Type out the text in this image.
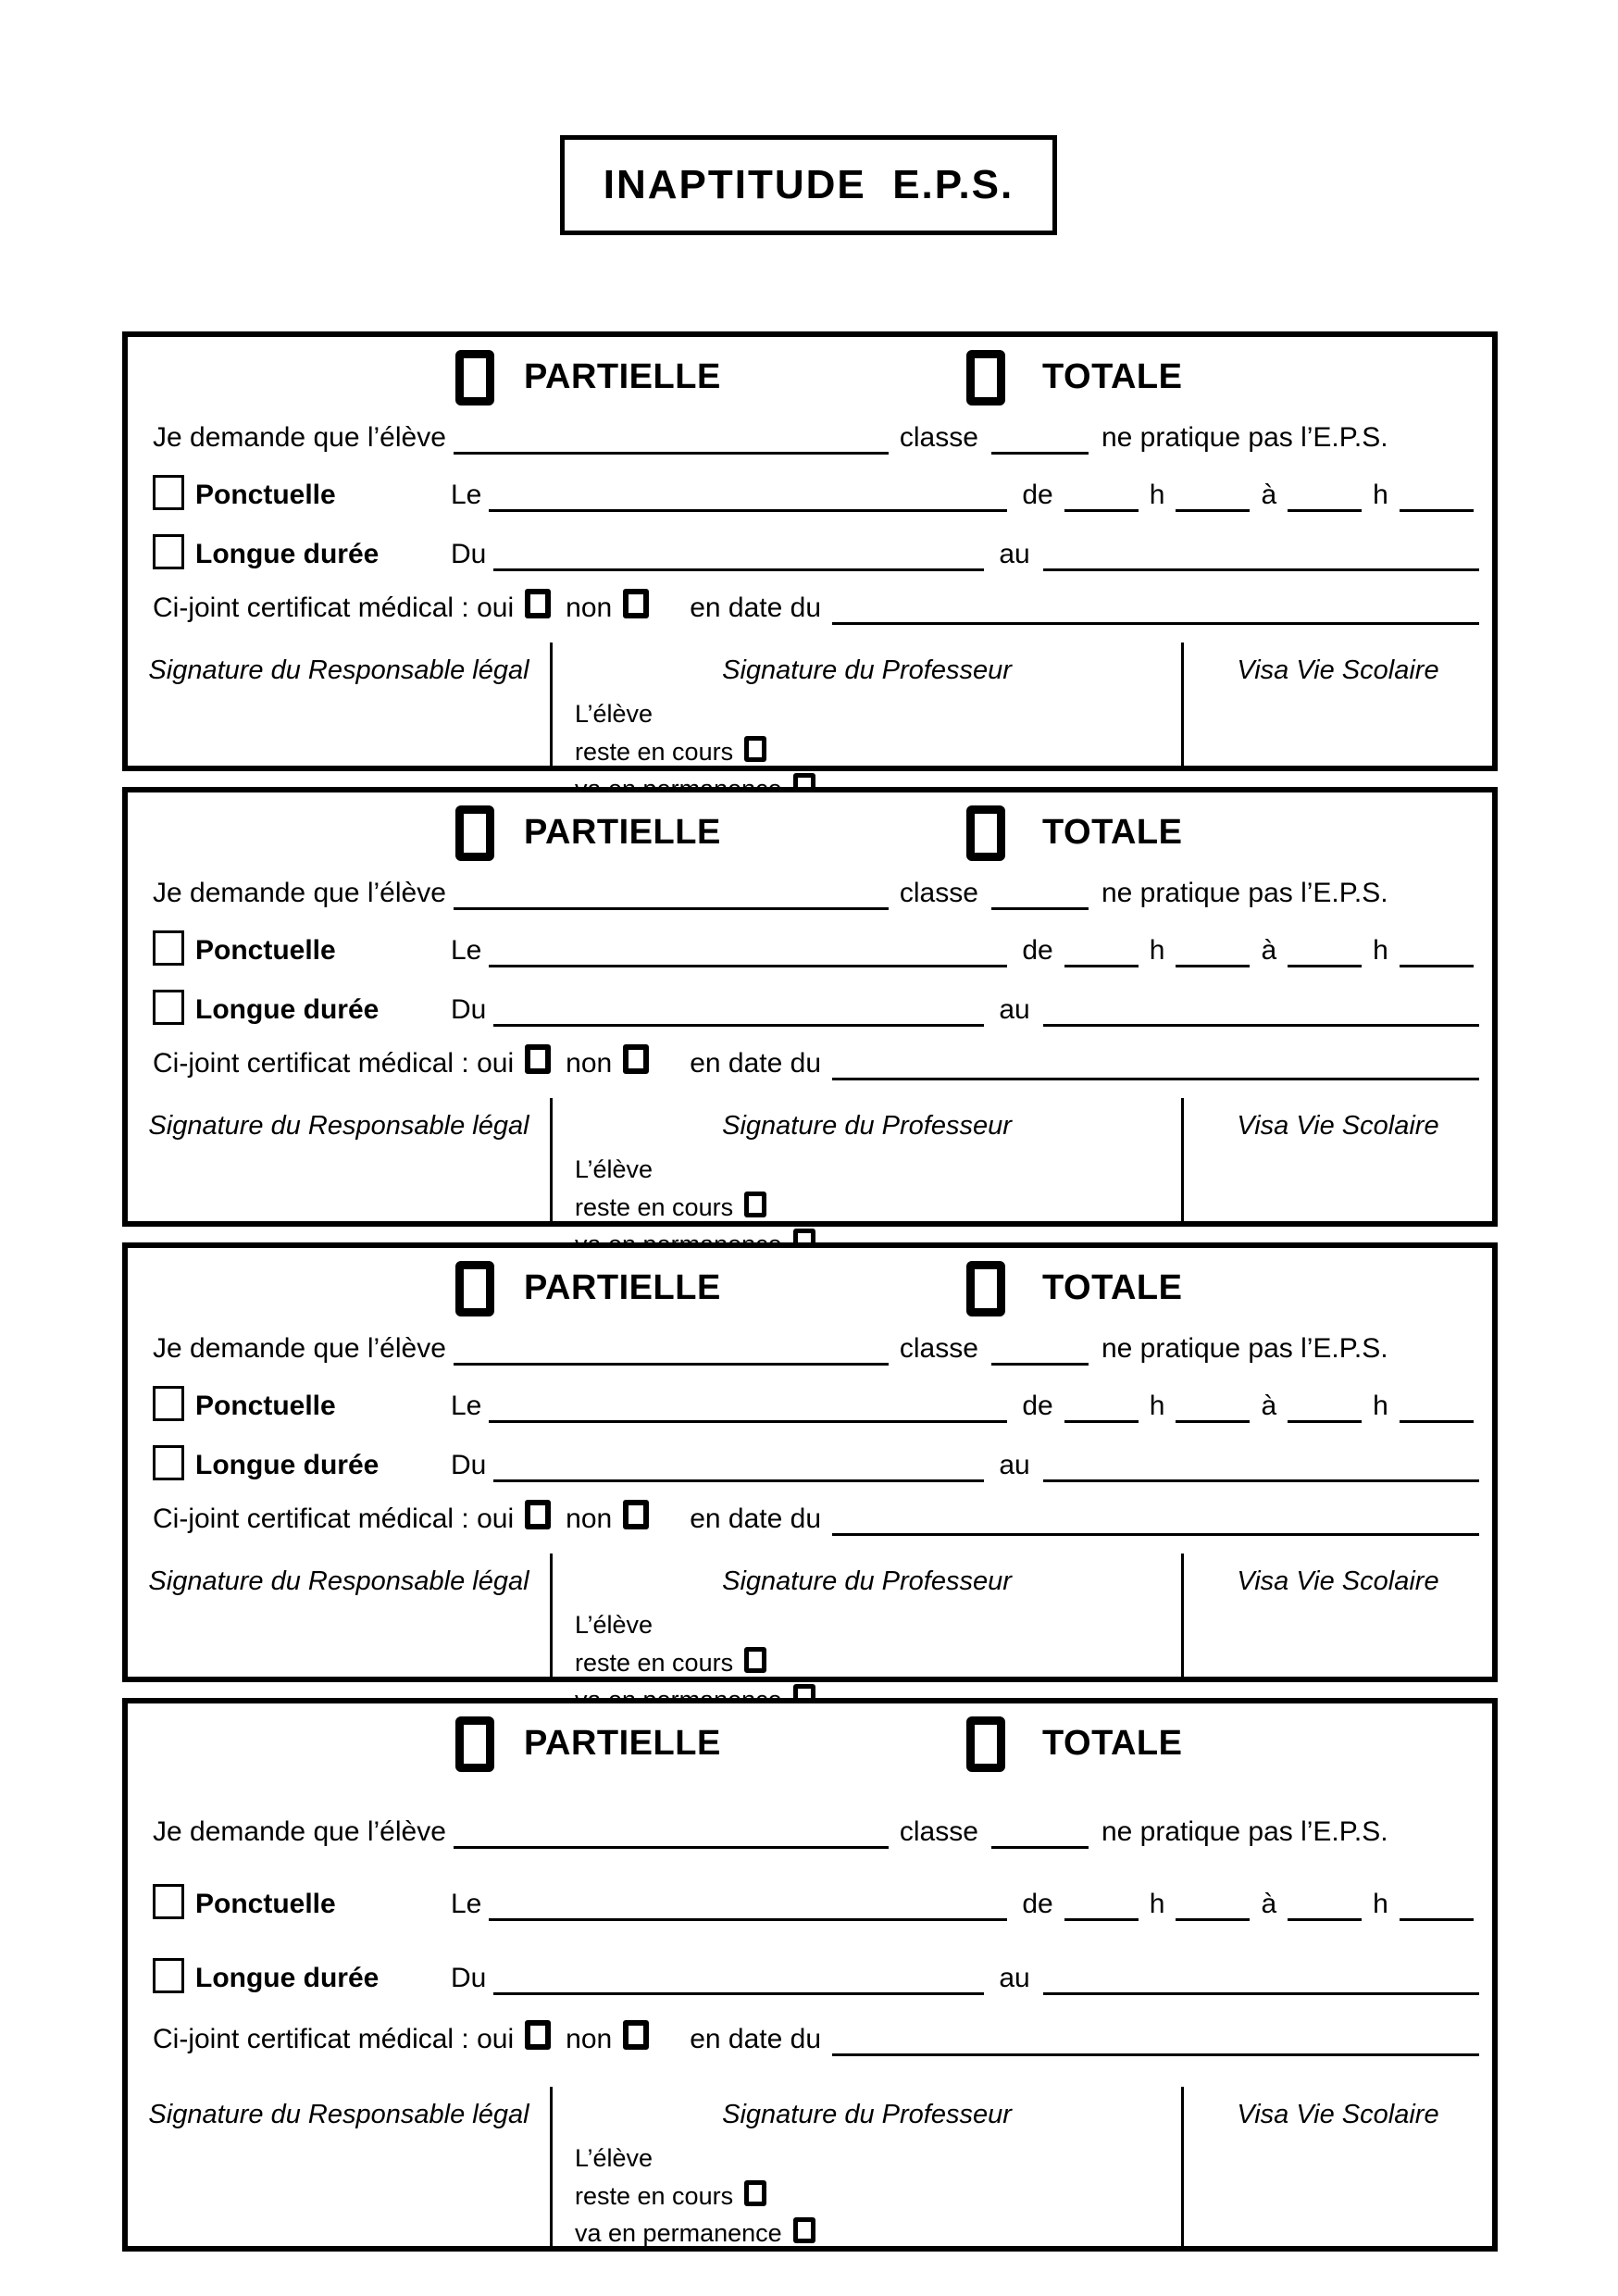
INAPTITUDE  E.P.S.
PARTIELLE	TOTALE
Je demande que l’élève	classe	ne pratique pas l’E.P.S.
Ponctuelle	Le	de	h	à	h
Longue durée	Du	au
Ci-joint certificat médical : oui non	en date du
Signature du Responsable légal	Signature du Professeur
L’élève
reste en cours
Visa Vie Scolaire
PARTIELLE	TOTALE
Je demande que l’élève	classe	ne pratique pas l’E.P.S.
Ponctuelle	Le	de	h	à	h
Longue durée	Du	au
Ci-joint certificat médical : oui non	en date du
Signature du Responsable légal	Signature du Professeur
L’élève
reste en cours
Visa Vie Scolaire
PARTIELLE	TOTALE
Je demande que l’élève	classe	ne pratique pas l’E.P.S.
Ponctuelle	Le	de	h	à	h
Longue durée	Du	au
Ci-joint certificat médical : oui non	en date du
Signature du Responsable légal	Signature du Professeur
L’élève
reste en cours
Visa Vie Scolaire
PARTIELLE	TOTALE
Je demande que l’élève	classe	ne pratique pas l’E.P.S.
Ponctuelle	Le	de	h	à	h
Longue durée	Du	au
Ci-joint certificat médical : oui non	en date du
Signature du Responsable légal	Signature du Professeur
L’élève
reste en cours
va en permanence
Visa Vie Scolaire
